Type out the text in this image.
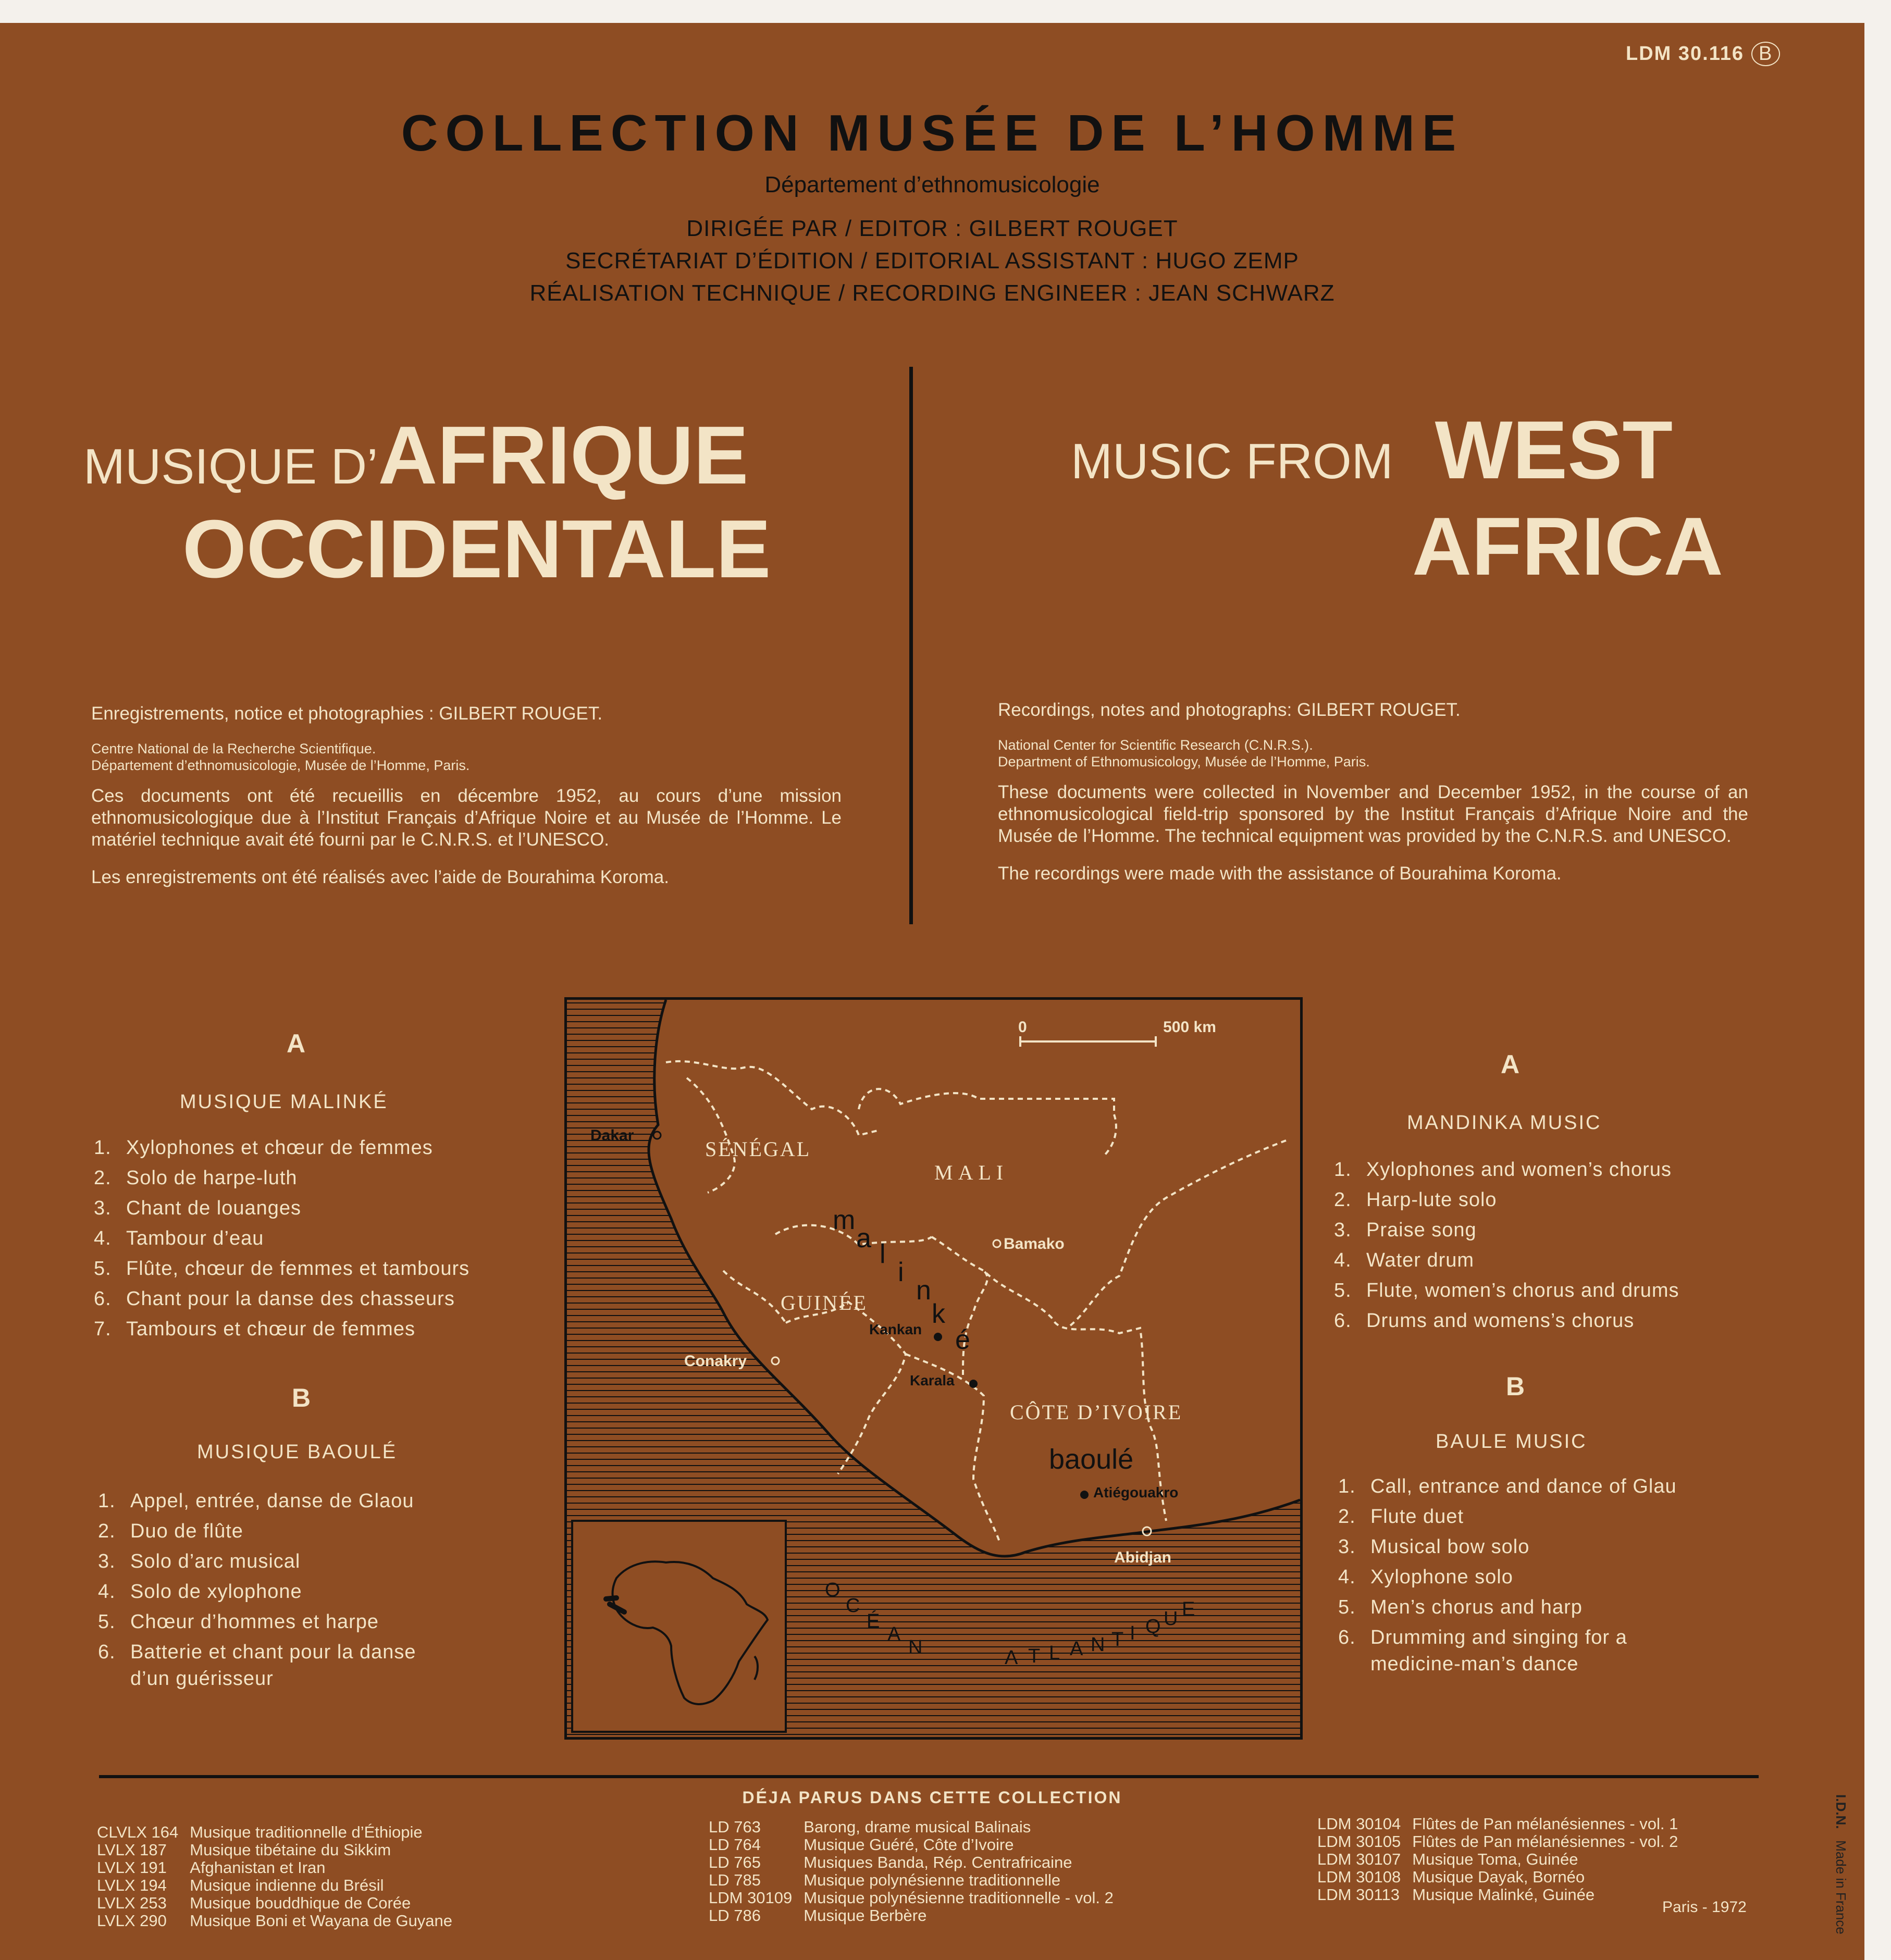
LDM 30.116 B
COLLECTION MUSÉE DE L’HOMME
Département d’ethnomusicologie
DIRIGÉE PAR / EDITOR : GILBERT ROUGET
SECRÉTARIAT D’ÉDITION / EDITORIAL ASSISTANT : HUGO ZEMP
RÉALISATION TECHNIQUE / RECORDING ENGINEER : JEAN SCHWARZ
MUSIQUE D’AFRIQUE
OCCIDENTALE
MUSIC FROM WEST
AFRICA

Enregistrements, notice et photographies : GILBERT ROUGET.

Centre National de la Recherche Scientifique.
Département d’ethnomusicologie, Musée de l’Homme, Paris.

Ces documents ont été recueillis en décembre 1952, au cours d’une mission ethnomusicologique due à l’Institut Français d’Afrique Noire et au Musée de l’Homme. Le matériel technique avait été fourni par le C.N.R.S. et l’UNESCO.

Les enregistrements ont été réalisés avec l’aide de Bourahima Koroma.

Recordings, notes and photographs: GILBERT ROUGET.

National Center for Scientific Research (C.N.R.S.).
Department of Ethnomusicology, Musée de l’Homme, Paris.

These documents were collected in November and December 1952, in the course of an ethnomusicological field-trip sponsored by the Institut Français d’Afrique Noire and the Musée de l’Homme. The technical equipment was provided by the C.N.R.S. and UNESCO.

The recordings were made with the assistance of Bourahima Koroma.

A
MUSIQUE MALINKÉ
1. Xylophones et chœur de femmes
2. Solo de harpe-luth
3. Chant de louanges
4. Tambour d’eau
5. Flûte, chœur de femmes et tambours
6. Chant pour la danse des chasseurs
7. Tambours et chœur de femmes
B
MUSIQUE BAOULÉ
1. Appel, entrée, danse de Glaou
2. Duo de flûte
3. Solo d’arc musical
4. Solo de xylophone
5. Chœur d’hommes et harpe
6. Batterie et chant pour la danse
d’un guérisseur
A
MANDINKA MUSIC
1. Xylophones and women’s chorus
2. Harp-lute solo
3. Praise song
4. Water drum
5. Flute, women’s chorus and drums
6. Drums and womens’s chorus
B
BAULE MUSIC
1. Call, entrance and dance of Glau
2. Flute duet
3. Musical bow solo
4. Xylophone solo
5. Men’s chorus and harp
6. Drumming and singing for a
medicine-man’s dance
0	500 km
SÉNÉGAL
MALI
GUINÉE
CÔTE D’IVOIRE
Dakar
Bamako
Conakry
Kankan
Karala
Atiégouakro
Abidjan
m
a
l
i
n
k
é
baoulé
O
C
É
A
N	A T L A N T I Q U E
DÉJA PARUS DANS CETTE COLLECTION
CLVLX 164	Musique traditionnelle d’Éthiopie
LVLX 187	Musique tibétaine du Sikkim
LVLX 191	Afghanistan et Iran
LVLX 194	Musique indienne du Brésil
LVLX 253	Musique bouddhique de Corée
LVLX 290	Musique Boni et Wayana de Guyane
LD 763	Barong, drame musical Balinais
LD 764	Musique Guéré, Côte d’Ivoire
LD 765	Musiques Banda, Rép. Centrafricaine
LD 785	Musique polynésienne traditionnelle
LDM 30109	Musique polynésienne traditionnelle - vol. 2
LD 786	Musique Berbère
LDM 30104	Flûtes de Pan mélanésiennes - vol. 1
LDM 30105	Flûtes de Pan mélanésiennes - vol. 2
LDM 30107	Musique Toma, Guinée
LDM 30108	Musique Dayak, Bornéo
LDM 30113	Musique Malinké, Guinée
Paris - 1972
I.D.N.   Made in France
